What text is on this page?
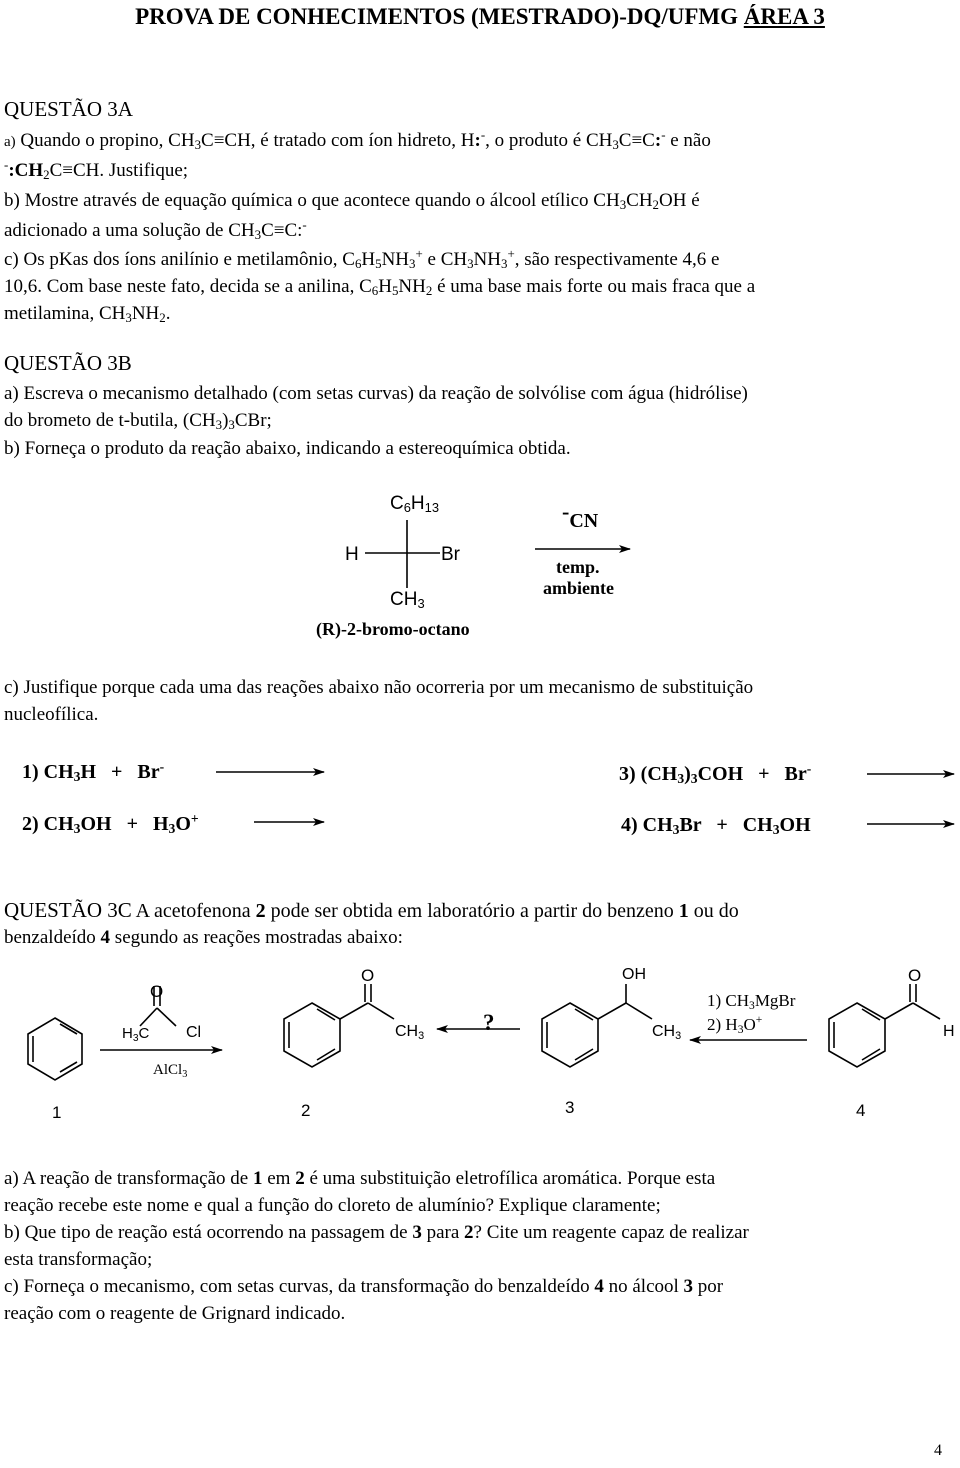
PROVA DE CONHECIMENTOS (MESTRADO)-DQ/UFMG ÁREA 3
QUESTÃO 3A
a) Quando o propino, $CH_3C\equiv CH$, é tratado com íon hidreto, H:-, o produto é $CH_3C\equiv C:^-$ e não
$^-:CH_2C\equiv CH$. Justifique;
b) Mostre através de equação química o que acontece quando o álcool etílico $CH_3CH_2OH$ é
adicionado a uma solução de $CH_3C\equiv C:^-$
c) Os pKas dos íons anilínio e metilamônio, $C_6H_5NH_3^+$ e $CH_3NH_3^+$, são respectivamente 4,6 e
10,6. Com base neste fato, decida se a anilina, $C_6H_5NH_2$ é uma base mais forte ou mais fraca que a
metilamina, $CH_3NH_2$.
QUESTÃO 3B
a) Escreva o mecanismo detalhado (com setas curvas) da reação de solvólise com água (hidrólise)
do brometo de t-butila, $(CH_3)_3CBr$;
b) Forneça o produto da reação abaixo, indicando a estereoquímica obtida.
$C_6H_{13}$
H	Br
$CH_3$
(R)-2-bromo-octano
-CN
temp.
ambiente
c) Justifique porque cada uma das reações abaixo não ocorreria por um mecanismo de substituição
nucleofílica.
1) $CH_3H + Br^-$
2) $CH_3OH + H_3O^+$
3) $(CH_3)_3COH + Br^-$
4) $CH_3Br + CH_3OH$
QUESTÃO 3C A acetofenona 2 pode ser obtida em laboratório a partir do benzeno 1 ou do
benzaldeído 4 segundo as reações mostradas abaixo:
O
$H_3C$ Cl
AlCl$_3$
O
$CH_3$
?
OH
$CH_3$
1) $CH_3MgBr$
2) $H_3O^+$
O
H
1	2	3	4
a) A reação de transformação de 1 em 2 é uma substituição eletrofílica aromática. Porque esta
reação recebe este nome e qual a função do cloreto de alumínio? Explique claramente;
b) Que tipo de reação está ocorrendo na passagem de 3 para 2? Cite um reagente capaz de realizar
esta transformação;
c) Forneça o mecanismo, com setas curvas, da transformação do benzaldeído 4 no álcool 3 por
reação com o reagente de Grignard indicado.
4
